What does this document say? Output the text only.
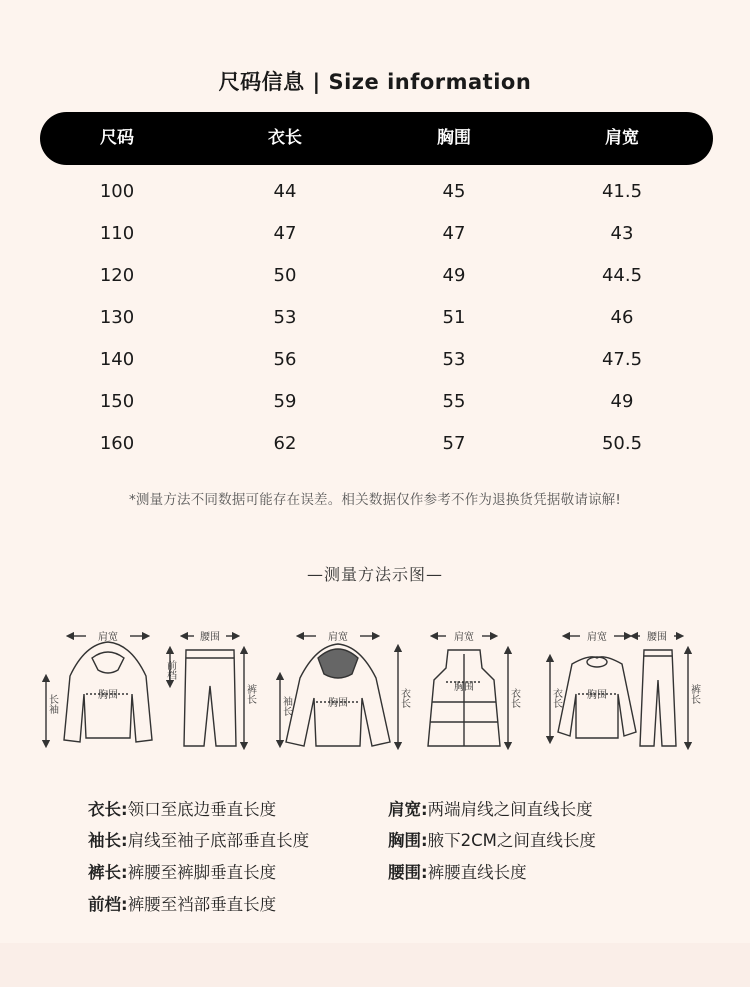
尺码信息 | Size information
尺码	衣长	胸围	肩宽
100	44	45	41.5
110	47	47	43
120	50	49	44.5
130	53	51	46
140	56	53	47.5
150	59	55	49
160	62	57	50.5
*测量方法不同数据可能存在误差。相关数据仅作参考不作为退换货凭据敬请谅解!
—测量方法示图—
肩宽
胸围
长袖
腰围
前档
裤长
肩宽
胸围
袖长	衣长
肩宽
胸围
衣长
肩宽
胸围
衣长
腰围
裤长
衣长:领口至底边垂直长度	肩宽:两端肩线之间直线长度
袖长:肩线至袖子底部垂直长度	胸围:腋下2CM之间直线长度
裤长:裤腰至裤脚垂直长度	腰围:裤腰直线长度
前档:裤腰至裆部垂直长度
